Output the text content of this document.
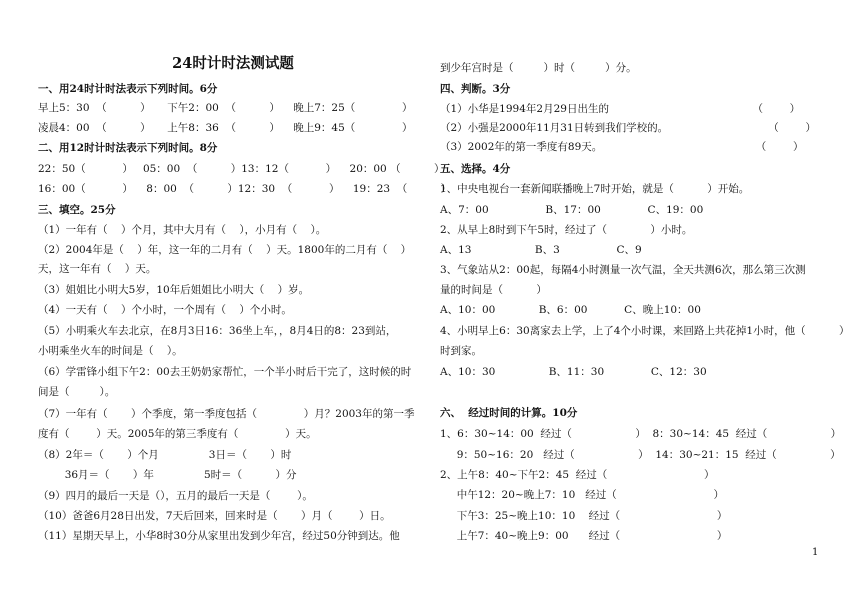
24时计时法测试题
一、用24时计时法表示下列时间。6分
早上5：30  （          ）     下午2：00  （          ）    晚上7：25（              ）
凌晨4：00  （          ）     上午8：36  （          ）    晚上9：45（              ）
二、用12时计时法表示下列时间。8分
22：50（           ）   05：00  （          ）13：12（           ）    20：00 （          ）
16：00（           ）    8：00  （          ）12：30  （           ）    19：23  （          ）
三、填空。25分
（1）一年有（    ）个月，其中大月有（    ），小月有（    ）。
（2）2004年是（    ）年，这一年的二月有（    ）天。1800年的二月有（    ）
天，这一年有（    ）天。
（3）姐姐比小明大5岁，10年后姐姐比小明大（    ）岁。
（4）一天有（    ）个小时，一个周有（    ）个小时。
（5）小明乘火车去北京，在8月3日16：36坐上车，，8月4日的8：23到站，
小明乘坐火车的时间是（    ）。
（6）学雷锋小组下午2：00去王奶奶家帮忙，一个半小时后干完了，这时候的时
间是（         ）。
（7）一年有（       ）个季度，第一季度包括（              ）月？2003年的第一季
度有（        ）天。2005年的第三季度有（              ）天。
（8）2年＝（       ）个月               3日＝（       ）时
36月＝（       ）年               5时＝（          ）分
（9）四月的最后一天是（），五月的最后一天是（        ）。
（10）爸爸6月28日出发，7天后回来，回来时是（       ）月（        ）日。
（11）星期天早上，小华8时30分从家里出发到少年宫，经过50分钟到达。他
到少年宫时是（         ）时（         ）分。
四、判断。3分
（1）小华是1994年2月29日出生的                                           （        ）
（2）小强是2000年11月31日转到我们学校的。                              （        ）
（3）2002年的第一季度有89天。                                              （        ）
五、选择。4分
1、中央电视台一套新闻联播晚上7时开始，就是（          ）开始。
A、7：00                 B、17：00              C、19：00
2、从早上8时到下午5时，经过了（             ）小时。
A、13                   B、3                 C、9
3、气象站从2：00起，每隔4小时测量一次气温，全天共测6次，那么第三次测
量的时间是（          ）
A、10：00             B、6：00           C、晚上10：00
4、小明早上6：30离家去上学，上了4个小时课，来回路上共花掉1小时，他（          ）
时到家。
A、10：30                B、11：30              C、12：30
六、  经过时间的计算。10分
1、6：30~14：00  经过（                   ）  8：30~14：45  经过（                   ）
9：50~16：20   经过（                   ）  14：30~21：15  经过（                ）
2、上午8：40~下午2：45  经过（                             ）
中午12：20~晚上7：10   经过（                             ）
下午3：25~晚上10：10    经过（                             ）
上午7：40~晚上9：00      经过（                             ）
1
